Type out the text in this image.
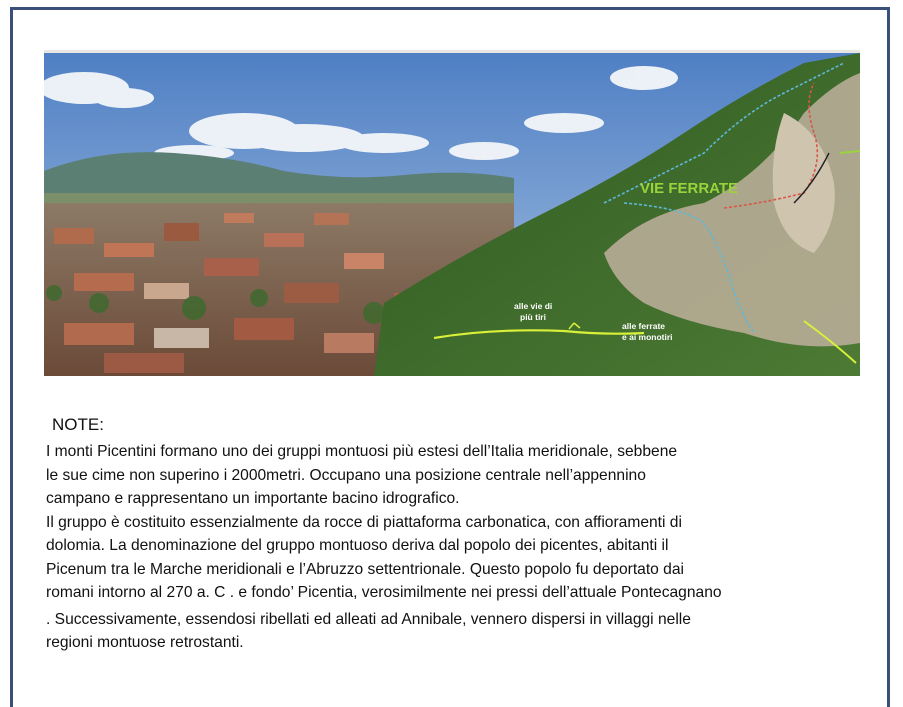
VIE FERRATE
alle vie di
più tiri
alle ferrate
e ai monotiri
NOTE:

I monti Picentini formano uno dei gruppi montuosi più estesi dell’Italia meridionale, sebbene

le sue cime non superino i 2000metri. Occupano una posizione centrale nell’appennino

campano e rappresentano un importante bacino idrografico.

Il gruppo è costituito essenzialmente da rocce di piattaforma carbonatica, con affioramenti di

dolomia. La denominazione del gruppo montuoso deriva dal popolo dei picentes, abitanti il

Picenum tra le Marche meridionali e l’Abruzzo settentrionale. Questo popolo fu deportato dai

romani intorno al 270 a. C . e fondo’ Picentia, verosimilmente nei pressi dell’attuale Pontecagnano

. Successivamente, essendosi ribellati ed alleati ad Annibale, vennero dispersi in villaggi nelle

regioni montuose retrostanti.
